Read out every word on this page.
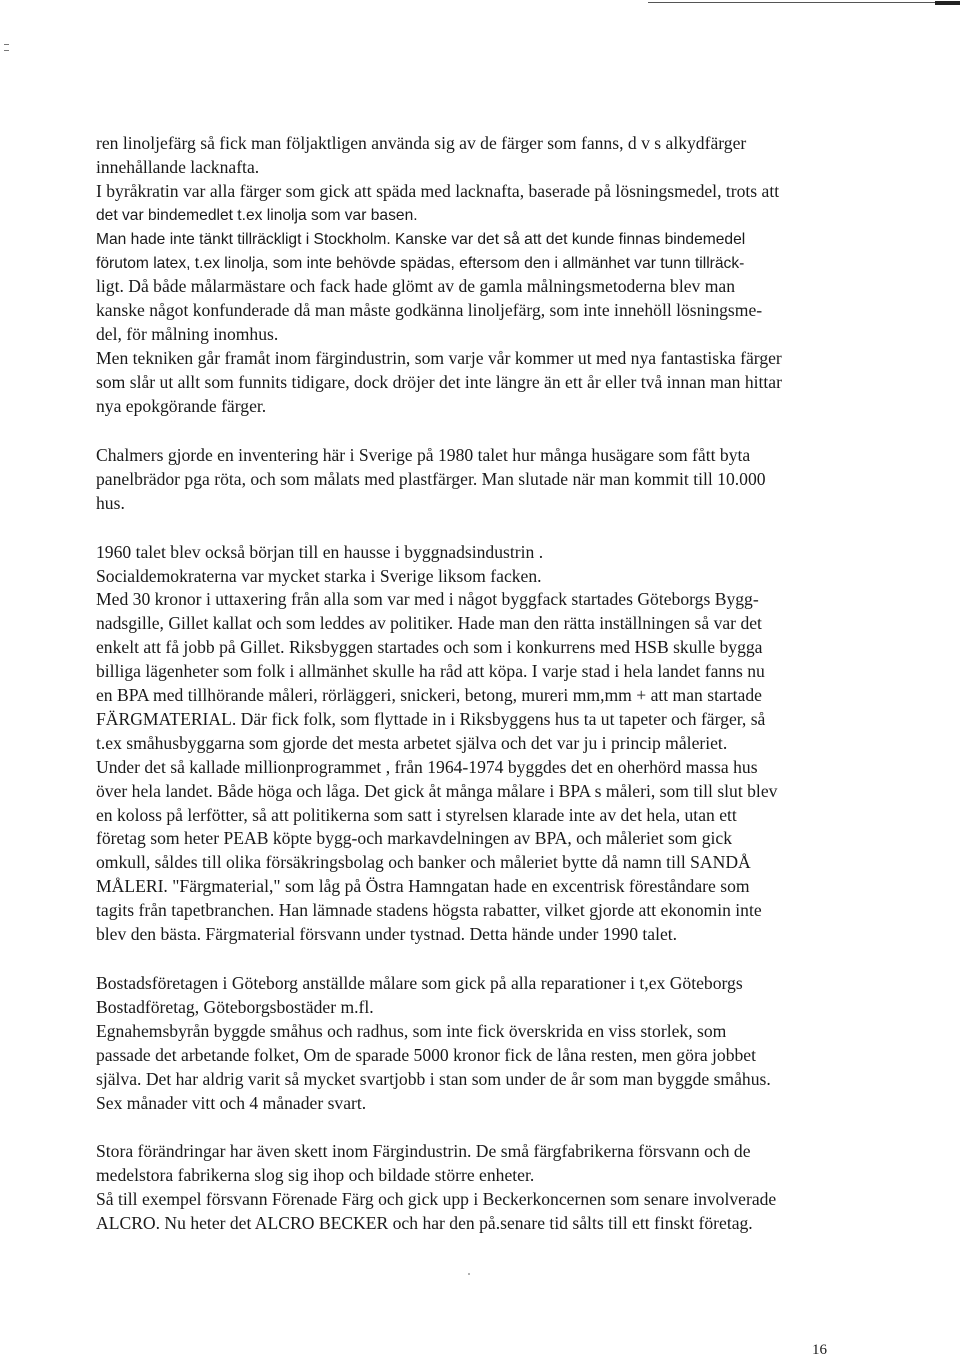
ren linoljefärg så fick man följaktligen använda sig av de färger som fanns, d v s alkydfärger
innehållande lacknafta.
I byråkratin var alla färger som gick att späda med lacknafta, baserade på lösningsmedel, trots att
det var bindemedlet t.ex linolja som var basen.
Man hade inte tänkt tillräckligt i Stockholm. Kanske var det så att det kunde finnas bindemedel
förutom latex, t.ex linolja, som inte behövde spädas, eftersom den i allmänhet var tunn tillräck-
ligt. Då både målarmästare och fack hade glömt av de gamla målningsmetoderna blev man
kanske något konfunderade då man måste godkänna linoljefärg, som inte innehöll lösningsme-
del, för målning inomhus.
Men tekniken går framåt inom färgindustrin, som varje vår kommer ut med nya fantastiska färger
som slår ut allt som funnits tidigare, dock dröjer det inte längre än ett år eller två innan man hittar
nya epokgörande färger.

Chalmers gjorde en inventering här i Sverige på 1980 talet hur många husägare som fått byta
panelbrädor pga röta, och som målats med plastfärger. Man slutade när man kommit till 10.000
hus.

1960 talet blev också början till en hausse i byggnadsindustrin .
Socialdemokraterna var mycket starka i Sverige liksom facken.
Med 30 kronor i uttaxering från alla som var med i något byggfack startades Göteborgs Bygg-
nadsgille, Gillet kallat och som leddes av politiker. Hade man den rätta inställningen så var det
enkelt att få jobb på Gillet. Riksbyggen startades och som i konkurrens med HSB skulle bygga
billiga lägenheter som folk i allmänhet skulle ha råd att köpa. I varje stad i hela landet fanns nu
en BPA med tillhörande måleri, rörläggeri, snickeri, betong, mureri mm,mm + att man startade
FÄRGMATERIAL. Där fick folk, som flyttade in i Riksbyggens hus ta ut tapeter och färger, så
t.ex småhusbyggarna som gjorde det mesta arbetet själva och det var ju i princip måleriet.
Under det så kallade millionprogrammet , från 1964-1974 byggdes det en oherhörd massa hus
över hela landet. Både höga och låga. Det gick åt många målare i BPA s måleri, som till slut blev
en koloss på lerfötter, så att politikerna som satt i styrelsen klarade inte av det hela, utan ett
företag som heter PEAB köpte bygg-och markavdelningen av BPA, och måleriet som gick
omkull, såldes till olika försäkringsbolag och banker och måleriet bytte då namn till SANDÅ
MÅLERI. "Färgmaterial," som låg på Östra Hamngatan hade en excentrisk föreståndare som
tagits från tapetbranchen. Han lämnade stadens högsta rabatter, vilket gjorde att ekonomin inte
blev den bästa. Färgmaterial försvann under tystnad. Detta hände under 1990 talet.

Bostadsföretagen i Göteborg anställde målare som gick på alla reparationer i t,ex Göteborgs
Bostadföretag, Göteborgsbostäder m.fl.
Egnahemsbyrån byggde småhus och radhus, som inte fick överskrida en viss storlek, som
passade det arbetande folket, Om de sparade 5000 kronor fick de låna resten, men göra jobbet
själva. Det har aldrig varit så mycket svartjobb i stan som under de år som man byggde småhus.
Sex månader vitt och 4 månader svart.

Stora förändringar har även skett inom Färgindustrin. De små färgfabrikerna försvann och de
medelstora fabrikerna slog sig ihop och bildade större enheter.
Så till exempel försvann Förenade Färg och gick upp i Beckerkoncernen som senare involverade
ALCRO. Nu heter det ALCRO BECKER och har den på.senare tid sålts till ett finskt företag.

16
